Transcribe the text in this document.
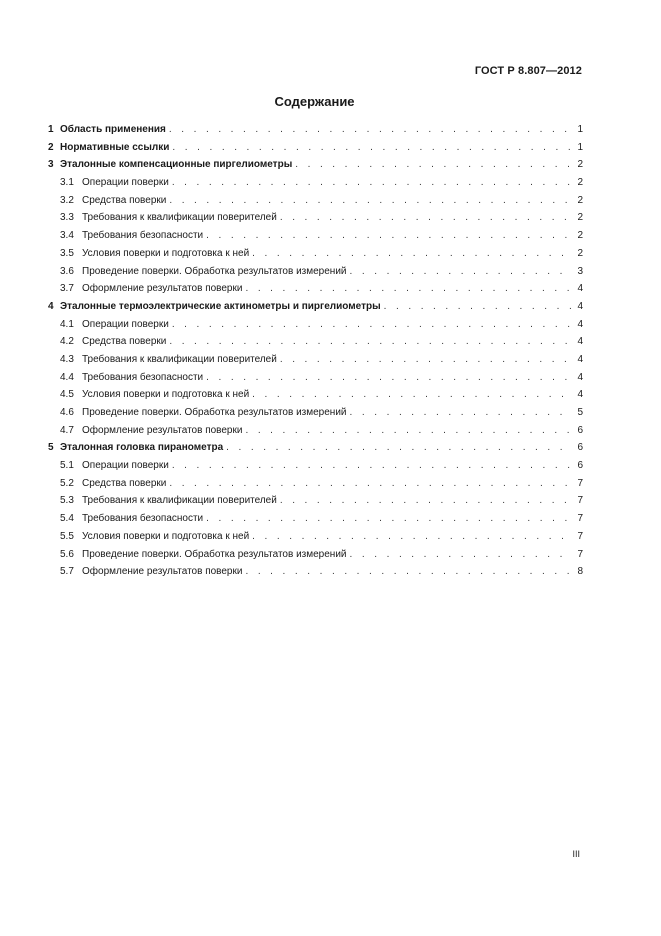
ГОСТ Р 8.807—2012
Содержание
1 Область применения . . .	1
2 Нормативные ссылки . . .	1
3 Эталонные компенсационные пиргелиометры . . .	2
3.1 Операции поверки . . .	2
3.2 Средства поверки . . .	2
3.3 Требования к квалификации поверителей . . .	2
3.4 Требования безопасности . . .	2
3.5 Условия поверки и подготовка к ней . . .	2
3.6 Проведение поверки. Обработка результатов измерений . . .	3
3.7 Оформление результатов поверки . . .	4
4 Эталонные термоэлектрические актинометры и пиргелиометры . . .	4
4.1 Операции поверки . . .	4
4.2 Средства поверки . . .	4
4.3 Требования к квалификации поверителей . . .	4
4.4 Требования безопасности . . .	4
4.5 Условия поверки и подготовка к ней . . .	4
4.6 Проведение поверки. Обработка результатов измерений . . .	5
4.7 Оформление результатов поверки . . .	6
5 Эталонная головка пиранометра . . .	6
5.1 Операции поверки . . .	6
5.2 Средства поверки . . .	7
5.3 Требования к квалификации поверителей . . .	7
5.4 Требования безопасности . . .	7
5.5 Условия поверки и подготовка к ней . . .	7
5.6 Проведение поверки. Обработка результатов измерений . . .	7
5.7 Оформление результатов поверки . . .	8
III
